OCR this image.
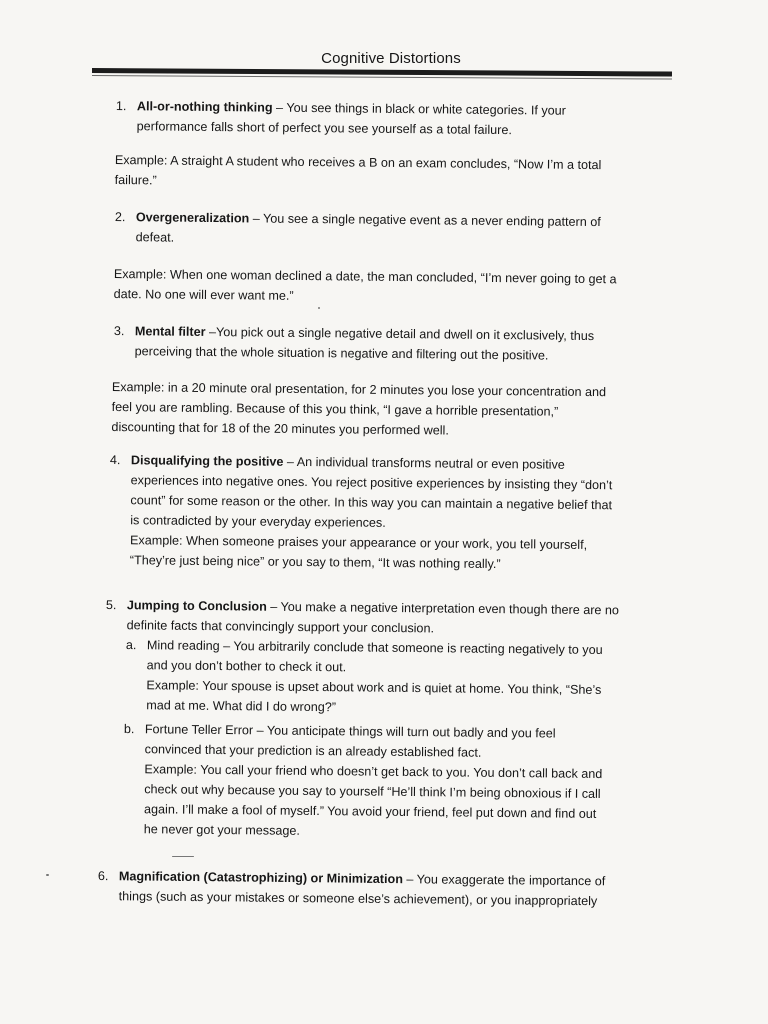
Cognitive Distortions
1. All-or-nothing thinking – You see things in black or white categories. If your
performance falls short of perfect you see yourself as a total failure.
Example: A straight A student who receives a B on an exam concludes, “Now I’m a total
failure.”
2. Overgeneralization – You see a single negative event as a never ending pattern of
defeat.
Example: When one woman declined a date, the man concluded, “I’m never going to get a
date. No one will ever want me.”
3. Mental filter –You pick out a single negative detail and dwell on it exclusively, thus
perceiving that the whole situation is negative and filtering out the positive.
Example: in a 20 minute oral presentation, for 2 minutes you lose your concentration and
feel you are rambling. Because of this you think, “I gave a horrible presentation,”
discounting that for 18 of the 20 minutes you performed well.
4. Disqualifying the positive – An individual transforms neutral or even positive
experiences into negative ones. You reject positive experiences by insisting they “don’t
count” for some reason or the other. In this way you can maintain a negative belief that
is contradicted by your everyday experiences.
Example: When someone praises your appearance or your work, you tell yourself,
“They’re just being nice” or you say to them, “It was nothing really.”
5. Jumping to Conclusion – You make a negative interpretation even though there are no
definite facts that convincingly support your conclusion.
a. Mind reading – You arbitrarily conclude that someone is reacting negatively to you
and you don’t bother to check it out.
Example: Your spouse is upset about work and is quiet at home. You think, “She’s
mad at me. What did I do wrong?”
b. Fortune Teller Error – You anticipate things will turn out badly and you feel
convinced that your prediction is an already established fact.
Example: You call your friend who doesn’t get back to you. You don’t call back and
check out why because you say to yourself “He’ll think I’m being obnoxious if I call
again. I’ll make a fool of myself.” You avoid your friend, feel put down and find out
he never got your message.
6. Magnification (Catastrophizing) or Minimization – You exaggerate the importance of
things (such as your mistakes or someone else’s achievement), or you inappropriately
